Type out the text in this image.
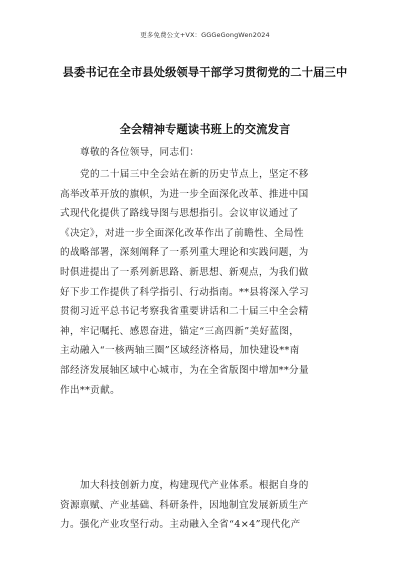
更多免费公文+VX：GGGeGongWen2024
县委书记在全市县处级领导干部学习贯彻党的二十届三中
全会精神专题读书班上的交流发言
尊敬的各位领导，同志们：
党的二十届三中全会站在新的历史节点上，坚定不移
高举改革开放的旗帜，为进一步全面深化改革、推进中国
式现代化提供了路线导图与思想指引。会议审议通过了
《决定》，对进一步全面深化改革作出了前瞻性、全局性
的战略部署，深刻阐释了一系列重大理论和实践问题，为
时俱进提出了一系列新思路、新思想、新观点，为我们做
好下步工作提供了科学指引、行动指南。**县将深入学习
贯彻习近平总书记考察我省重要讲话和二十届三中全会精
神，牢记嘱托、感恩奋进，锚定“三高四新”美好蓝图，
主动融入“一核两轴三圈”区域经济格局，加快建设**南
部经济发展轴区域中心城市，为在全省版图中增加**分量
作出**贡献。
加大科技创新力度，构建现代产业体系。根据自身的
资源禀赋、产业基础、科研条件，因地制宜发展新质生产
力。强化产业攻坚行动。主动融入全省“4×4”现代化产
